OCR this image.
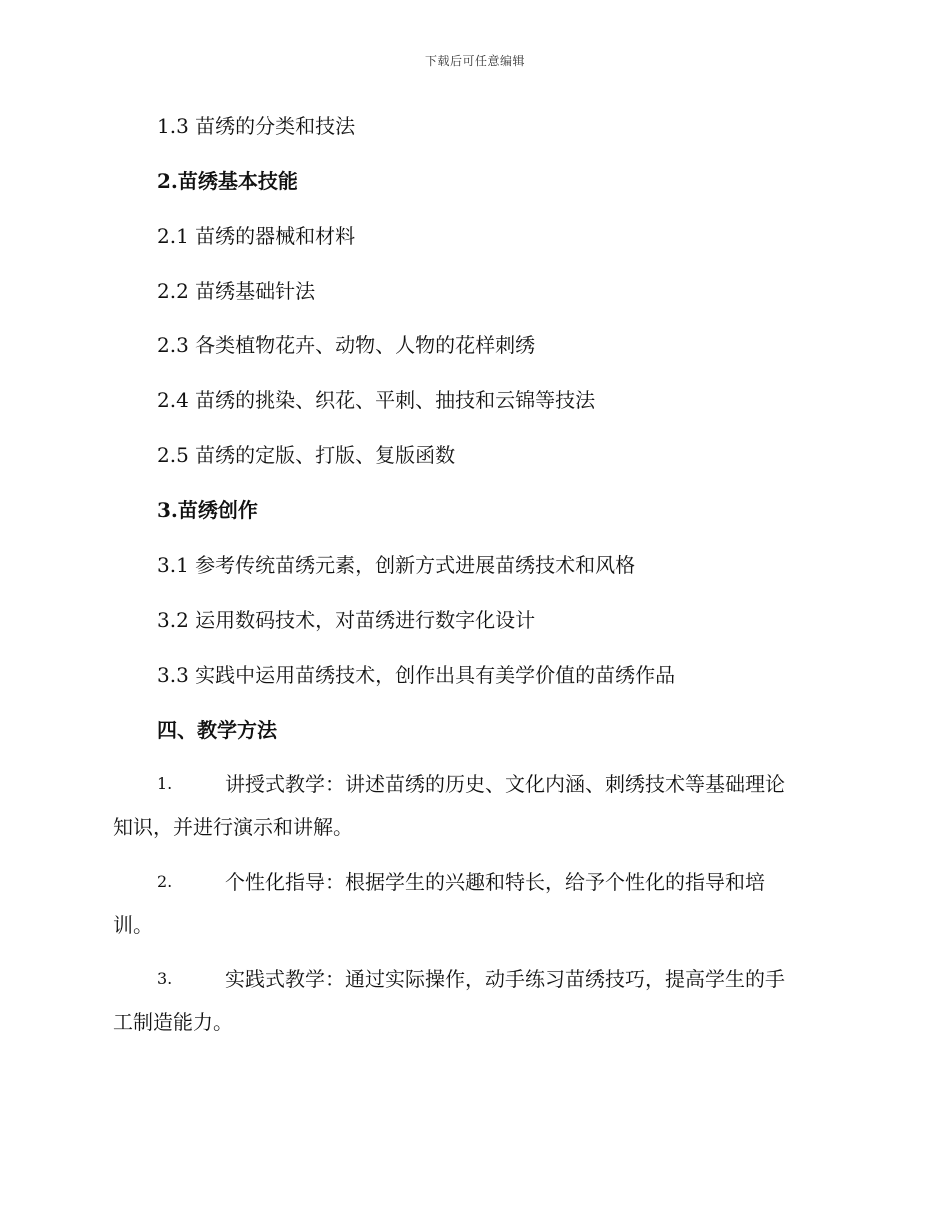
下载后可任意编辑
1.3 苗绣的分类和技法
2.苗绣基本技能
2.1 苗绣的器械和材料
2.2 苗绣基础针法
2.3 各类植物花卉、动物、人物的花样刺绣
2.4 苗绣的挑染、织花、平刺、抽技和云锦等技法
2.5 苗绣的定版、打版、复版函数
3.苗绣创作
3.1 参考传统苗绣元素，创新方式进展苗绣技术和风格
3.2 运用数码技术，对苗绣进行数字化设计
3.3 实践中运用苗绣技术，创作出具有美学价值的苗绣作品
四、教学方法
1.	讲授式教学：讲述苗绣的历史、文化内涵、刺绣技术等基础理论
知识，并进行演示和讲解。
2.	个性化指导：根据学生的兴趣和特长，给予个性化的指导和培
训。
3.	实践式教学：通过实际操作，动手练习苗绣技巧，提高学生的手
工制造能力。
